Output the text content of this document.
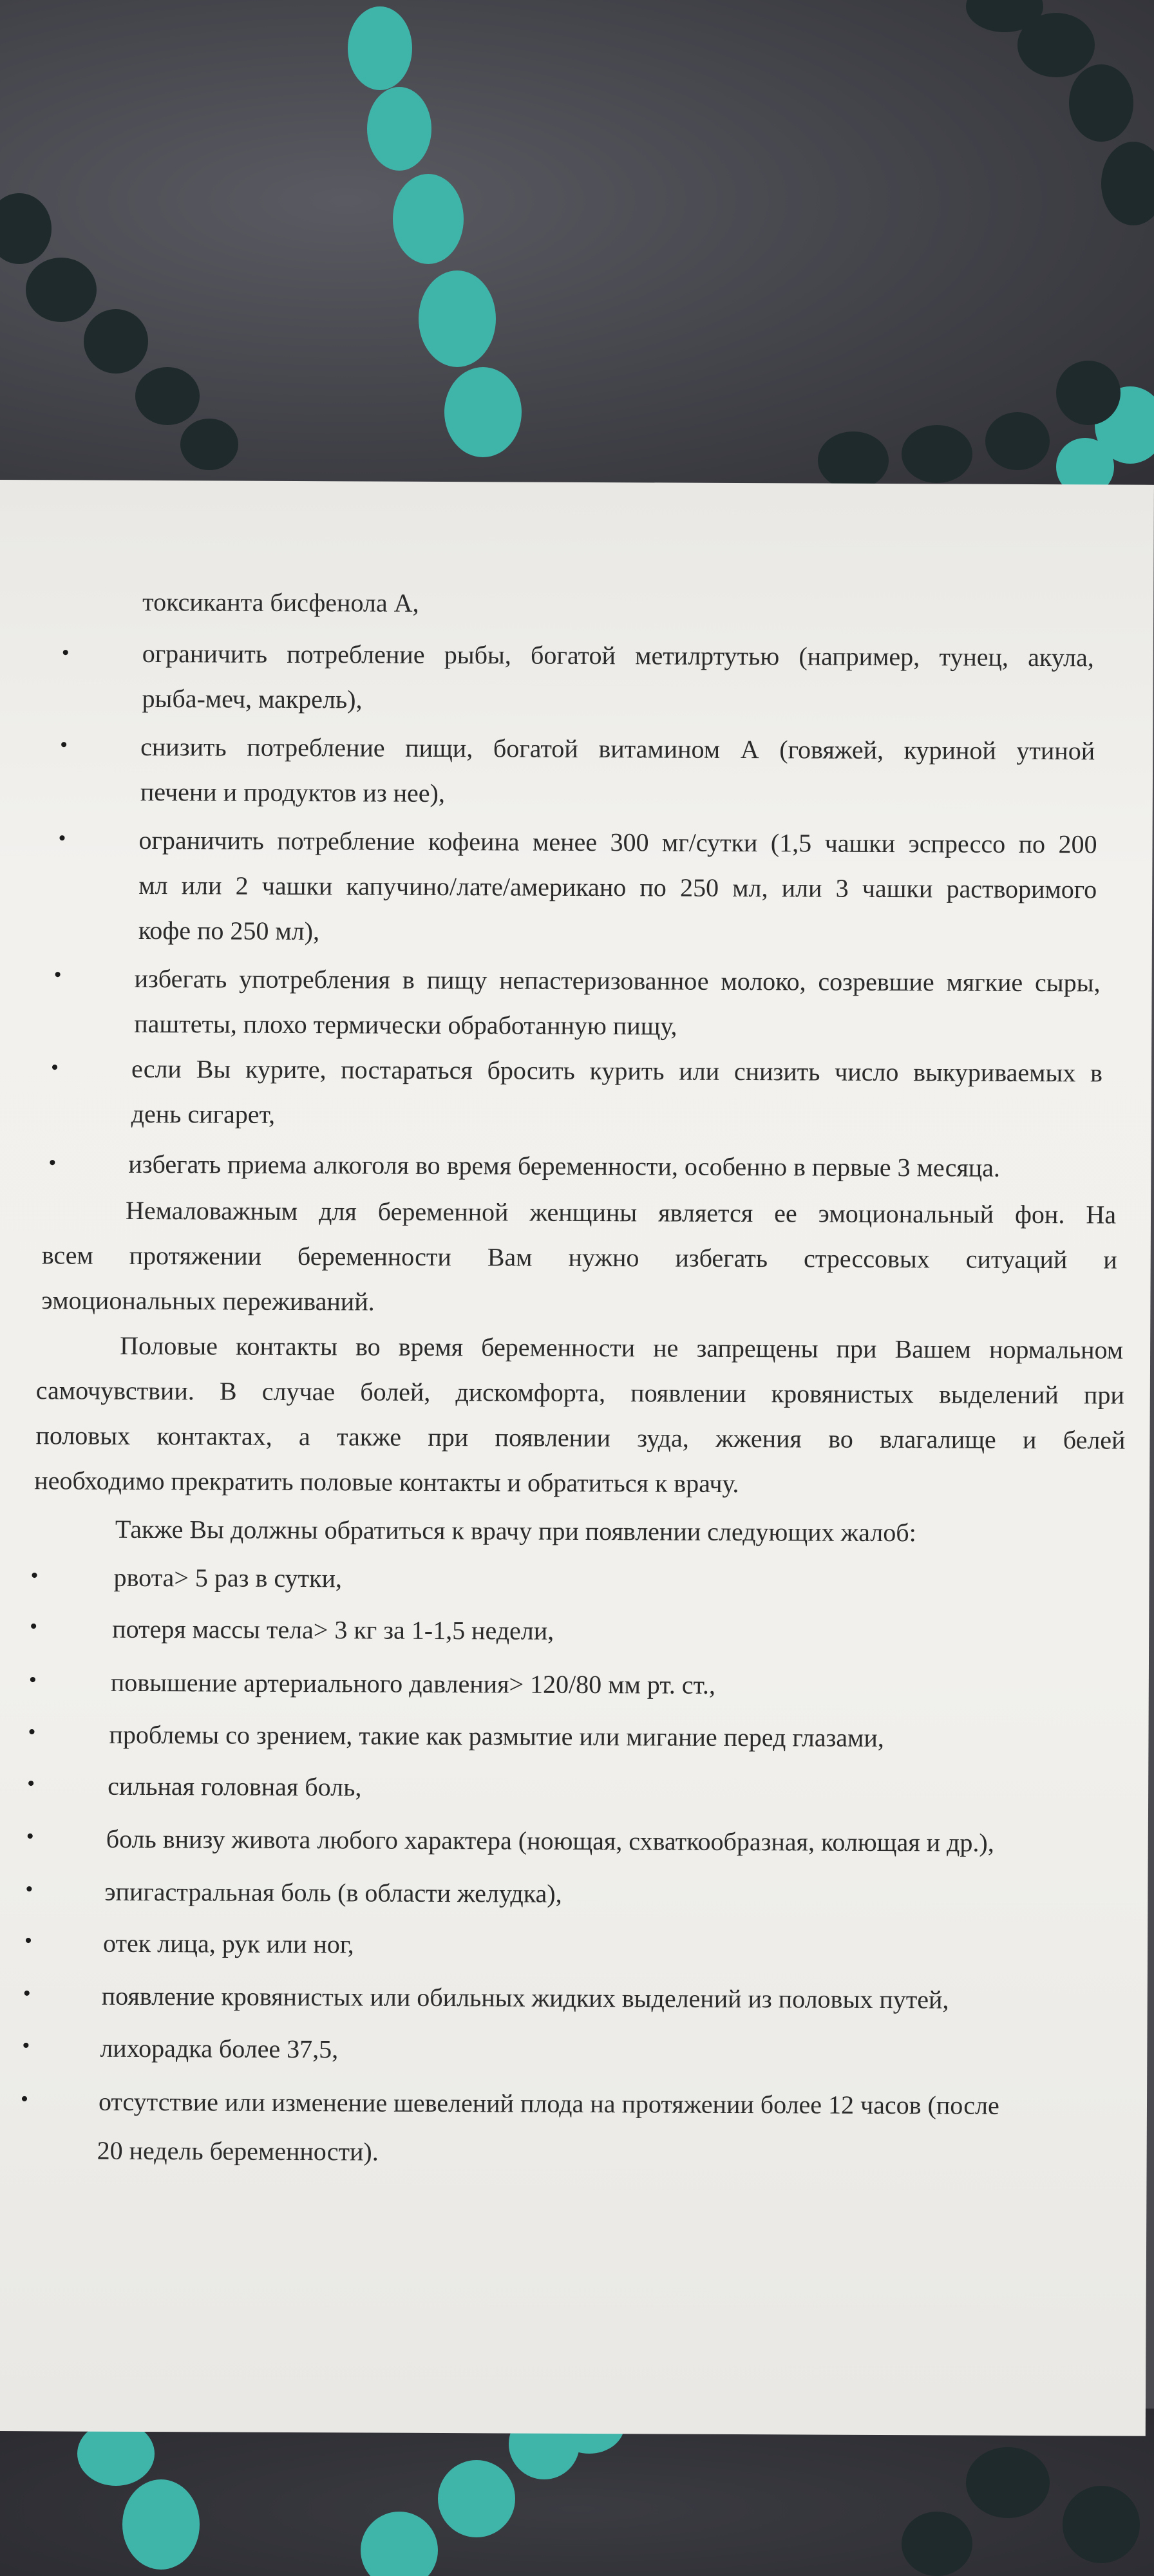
токсиканта бисфенола А,
•	ограничить потребление рыбы, богатой метилртутью (например, тунец, акула,
рыба-меч, макрель),
•	снизить потребление пищи, богатой витамином А (говяжей, куриной утиной
печени и продуктов из нее),
•	ограничить потребление кофеина менее 300 мг/сутки (1,5 чашки эспрессо по 200
мл или 2 чашки капучино/лате/американо по 250 мл, или 3 чашки растворимого
кофе по 250 мл),
•	избегать употребления в пищу непастеризованное молоко, созревшие мягкие сыры,
паштеты, плохо термически обработанную пищу,
•	если Вы курите, постараться бросить курить или снизить число выкуриваемых в
день сигарет,
•	избегать приема алкоголя во время беременности, особенно в первые 3 месяца.
Немаловажным для беременной женщины является ее эмоциональный фон. На
всем протяжении беременности Вам нужно избегать стрессовых ситуаций и
эмоциональных переживаний.
Половые контакты во время беременности не запрещены при Вашем нормальном
самочувствии. В случае болей, дискомфорта, появлении кровянистых выделений при
половых контактах, а также при появлении зуда, жжения во влагалище и белей
необходимо прекратить половые контакты и обратиться к врачу.
Также Вы должны обратиться к врачу при появлении следующих жалоб:
•	рвота> 5 раз в сутки,
•	потеря массы тела> 3 кг за 1-1,5 недели,
•	повышение артериального давления> 120/80 мм рт. ст.,
•	проблемы со зрением, такие как размытие или мигание перед глазами,
•	сильная головная боль,
•	боль внизу живота любого характера (ноющая, схваткообразная, колющая и др.),
•	эпигастральная боль (в области желудка),
•	отек лица, рук или ног,
•	появление кровянистых или обильных жидких выделений из половых путей,
•	лихорадка более 37,5,
•	отсутствие или изменение шевелений плода на протяжении более 12 часов (после
20 недель беременности).
